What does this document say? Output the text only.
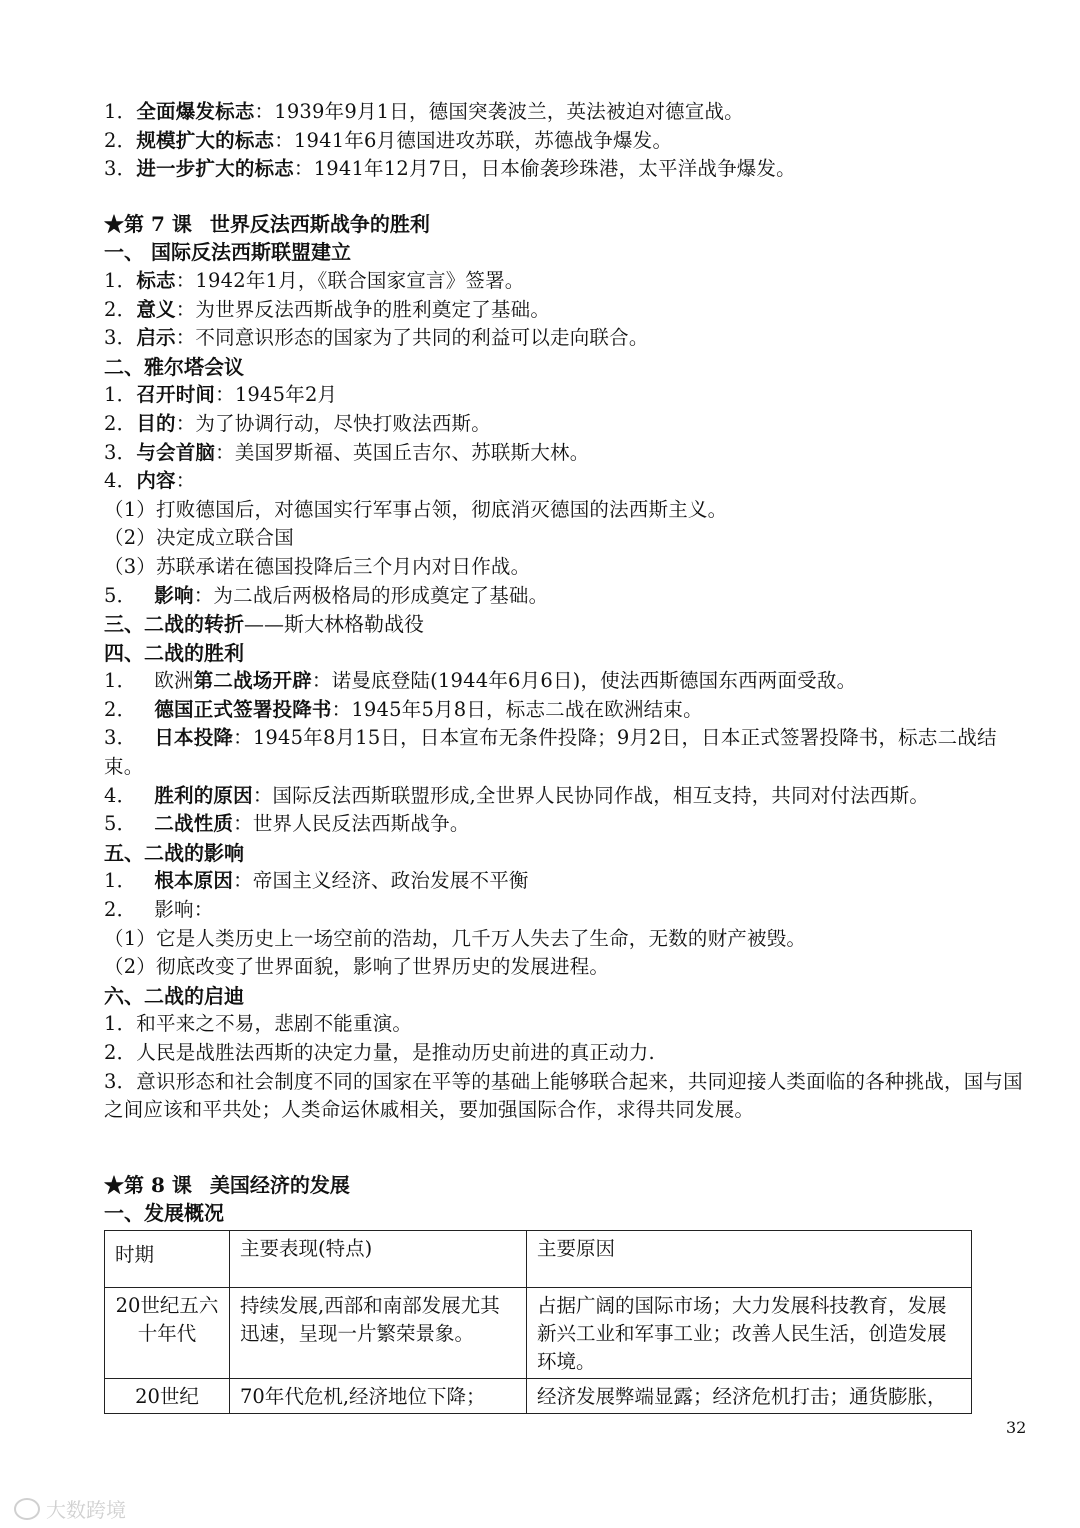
1．全面爆发标志：1939年9月1日，德国突袭波兰，英法被迫对德宣战。
2．规模扩大的标志：1941年6月德国进攻苏联，苏德战争爆发。
3．进一步扩大的标志：1941年12月7日，日本偷袭珍珠港，太平洋战争爆发。
★第 7 课 世界反法西斯战争的胜利
一、 国际反法西斯联盟建立
1．标志：1942年1月，《联合国家宣言》签署。
2．意义：为世界反法西斯战争的胜利奠定了基础。
3．启示：不同意识形态的国家为了共同的利益可以走向联合。
二、雅尔塔会议
1．召开时间：1945年2月
2．目的：为了协调行动，尽快打败法西斯。
3．与会首脑：美国罗斯福、英国丘吉尔、苏联斯大林。
4．内容：
（1）打败德国后，对德国实行军事占领，彻底消灭德国的法西斯主义。
（2）决定成立联合国
（3）苏联承诺在德国投降后三个月内对日作战。
5． 影响：为二战后两极格局的形成奠定了基础。
三、二战的转折——斯大林格勒战役
四、二战的胜利
1． 欧洲第二战场开辟：诺曼底登陆(1944年6月6日)，使法西斯德国东西两面受敌。
2． 德国正式签署投降书：1945年5月8日，标志二战在欧洲结束。
3． 日本投降：1945年8月15日，日本宣布无条件投降；9月2日，日本正式签署投降书，标志二战结束。
4． 胜利的原因：国际反法西斯联盟形成,全世界人民协同作战，相互支持，共同对付法西斯。
5． 二战性质：世界人民反法西斯战争。
五、二战的影响
1． 根本原因：帝国主义经济、政治发展不平衡
2． 影响：
（1）它是人类历史上一场空前的浩劫，几千万人失去了生命，无数的财产被毁。
（2）彻底改变了世界面貌，影响了世界历史的发展进程。
六、二战的启迪
1．和平来之不易，悲剧不能重演。
2．人民是战胜法西斯的决定力量，是推动历史前进的真正动力.
3．意识形态和社会制度不同的国家在平等的基础上能够联合起来，共同迎接人类面临的各种挑战，国与国之间应该和平共处；人类命运休戚相关，要加强国际合作，求得共同发展。
★第 8 课 美国经济的发展
一、发展概况
时期	主要表现(特点)	主要原因
20世纪五六十年代	持续发展,西部和南部发展尤其迅速，呈现一片繁荣景象。	占据广阔的国际市场；大力发展科技教育，发展新兴工业和军事工业；改善人民生活，创造发展环境。
20世纪	70年代危机,经济地位下降；	经济发展弊端显露；经济危机打击；通货膨胀，
32
大数跨境
